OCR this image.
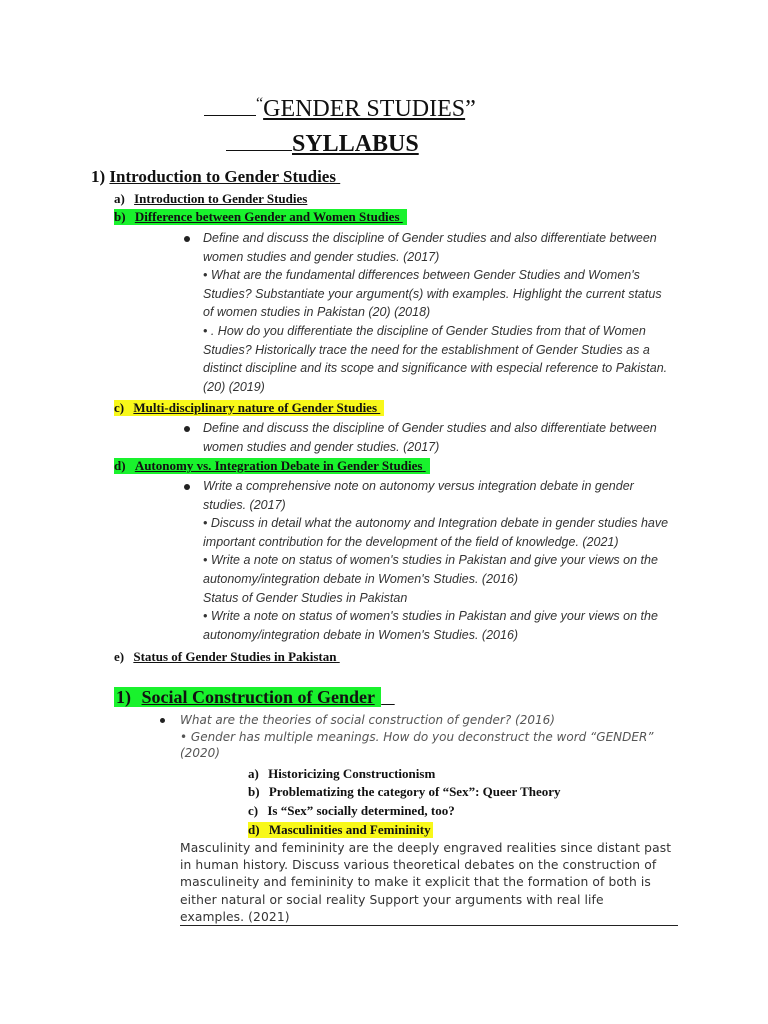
“GENDER STUDIES”
SYLLABUS
1) Introduction to Gender Studies
a) Introduction to Gender Studies
b) Difference between Gender and Women Studies
Define and discuss the discipline of Gender studies and also differentiate between
women studies and gender studies. (2017)
• What are the fundamental differences between Gender Studies and Women's
Studies? Substantiate your argument(s) with examples. Highlight the current status
of women studies in Pakistan (20) (2018)
• . How do you differentiate the discipline of Gender Studies from that of Women
Studies? Historically trace the need for the establishment of Gender Studies as a
distinct discipline and its scope and significance with especial reference to Pakistan.
(20) (2019)
c) Multi-disciplinary nature of Gender Studies
Define and discuss the discipline of Gender studies and also differentiate between
women studies and gender studies. (2017)
d) Autonomy vs. Integration Debate in Gender Studies
Write a comprehensive note on autonomy versus integration debate in gender
studies. (2017)
• Discuss in detail what the autonomy and Integration debate in gender studies have
important contribution for the development of the field of knowledge. (2021)
• Write a note on status of women's studies in Pakistan and give your views on the
autonomy/integration debate in Women's Studies. (2016)
Status of Gender Studies in Pakistan
• Write a note on status of women's studies in Pakistan and give your views on the
autonomy/integration debate in Women's Studies. (2016)
e) Status of Gender Studies in Pakistan
1) Social Construction of Gender
What are the theories of social construction of gender? (2016)
• Gender has multiple meanings. How do you deconstruct the word “GENDER”
(2020)
a) Historicizing Constructionism
b) Problematizing the category of “Sex”: Queer Theory
c) Is “Sex” socially determined, too?
d) Masculinities and Femininity
Masculinity and femininity are the deeply engraved realities since distant past
in human history. Discuss various theoretical debates on the construction of
masculineity and femininity to make it explicit that the formation of both is
either natural or social reality Support your arguments with real life
examples. (2021)
